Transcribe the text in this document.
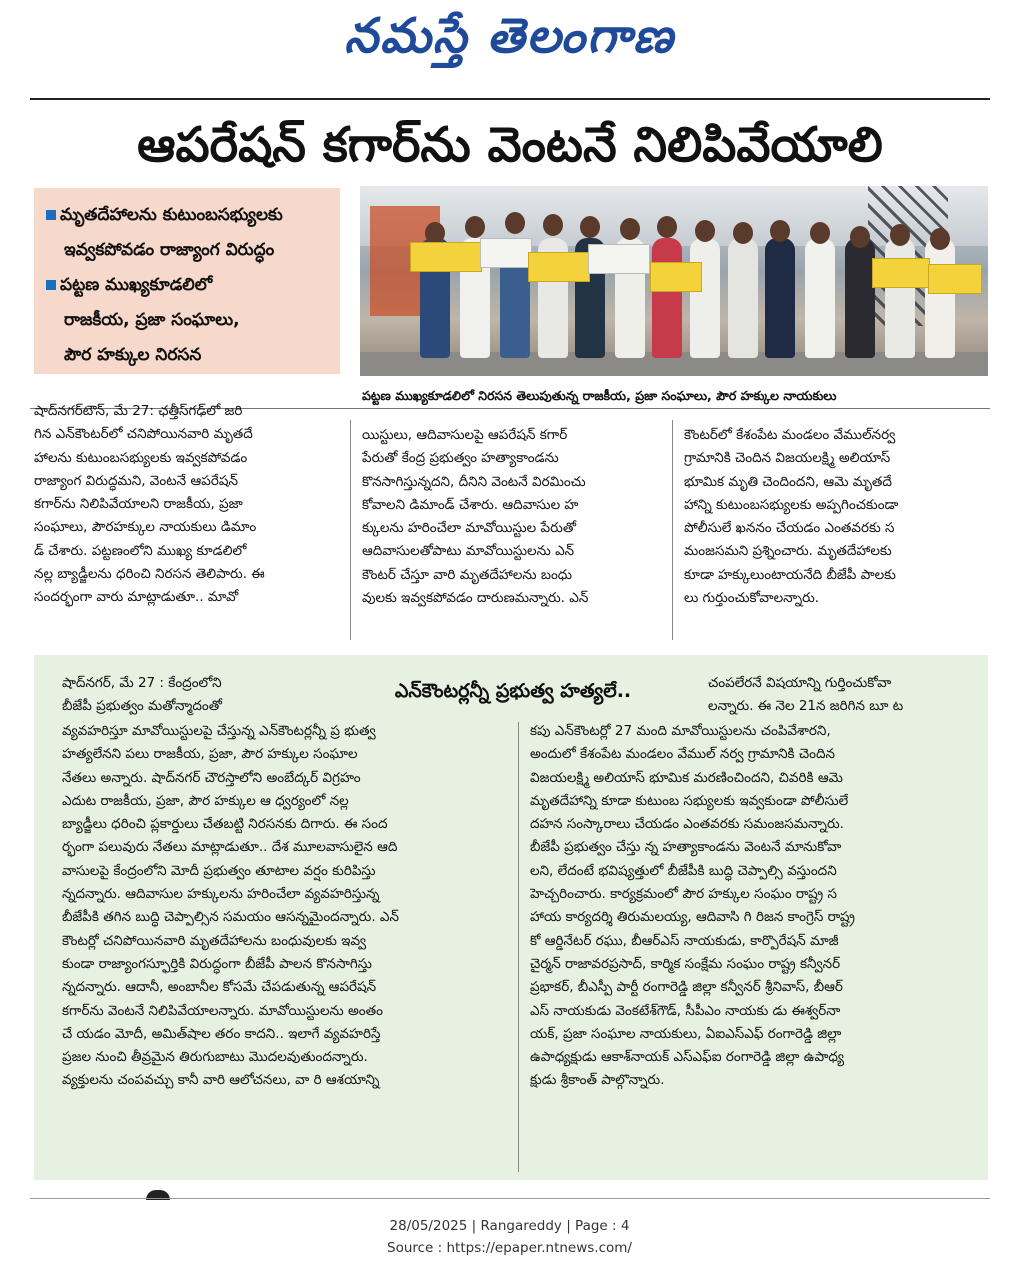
నమస్తే తెలంగాణ
ఆపరేషన్ కగార్‌ను వెంటనే నిలిపివేయాలి
మృతదేహాలను కుటుంబసభ్యులకు
ఇవ్వకపోవడం రాజ్యాంగ విరుద్ధం
పట్టణ ముఖ్యకూడలిలో
రాజకీయ, ప్రజా సంఘాలు,
పౌర హక్కుల నిరసన
పట్టణ ముఖ్యకూడలిలో నిరసన తెలుపుతున్న రాజకీయ, ప్రజా సంఘాలు, పౌర హక్కుల నాయకులు
షాద్‌నగర్‌టౌన్, మే 27: ఛత్తీస్‌గఢ్‌లో జరి
గిన ఎన్‌కౌంటర్‌లో చనిపోయినవారి మృతదే
హాలను కుటుంబసభ్యులకు ఇవ్వకపోవడం
రాజ్యాంగ విరుద్ధమని, వెంటనే ఆపరేషన్
కగార్‌ను నిలిపివేయాలని రాజకీయ, ప్రజా
సంఘాలు, పౌరహక్కుల నాయకులు డిమాం
డ్ చేశారు. పట్టణంలోని ముఖ్య కూడలిలో
నల్ల బ్యాడ్జీలను ధరించి నిరసన తెలిపారు. ఈ
సందర్భంగా వారు మాట్లాడుతూ.. మావో
యిస్టులు, ఆదివాసులపై ఆపరేషన్ కగార్
పేరుతో కేంద్ర ప్రభుత్వం హత్యాకాండను
కొనసాగిస్తున్నదని, దీనిని వెంటనే విరమించు
కోవాలని డిమాండ్ చేశారు. ఆదివాసుల హ
క్కులను హరించేలా మావోయిస్టుల పేరుతో
ఆదివాసులతోపాటు మావోయిస్టులను ఎన్
కౌంటర్ చేస్తూ వారి మృతదేహాలను బంధు
వులకు ఇవ్వకపోవడం దారుణమన్నారు. ఎన్
కౌంటర్‌లో కేశంపేట మండలం వేముల్‌నర్వ
గ్రామానికి చెందిన విజయలక్ష్మి అలియాస్
భూమిక మృతి చెందిందని, ఆమె మృతదే
హాన్ని కుటుంబసభ్యులకు అప్పగించకుండా
పోలీసులే ఖననం చేయడం ఎంతవరకు స
మంజసమని ప్రశ్నించారు. మృతదేహాలకు
కూడా హక్కులుంటాయనేది బీజేపీ పాలకు
లు గుర్తుంచుకోవాలన్నారు.
షాద్‌నగర్, మే 27 : కేంద్రంలోని
బీజేపీ ప్రభుత్వం మతోన్మాదంతో
ఎన్‌కౌంటర్లన్నీ ప్రభుత్వ హత్యలే..	చంపలేరనే విషయాన్ని గుర్తించుకోవా
లన్నారు. ఈ నెల 21న జరిగిన బూ ట
వ్యవహరిస్తూ మావోయిస్టులపై చేస్తున్న ఎన్‌కౌంటర్లన్నీ ప్ర భుత్వ
హత్యలేనని పలు రాజకీయ, ప్రజా, పౌర హక్కుల సంఘాల
నేతలు అన్నారు. షాద్‌నగర్ చౌరస్తాలోని అంబేద్కర్ విగ్రహం
ఎదుట రాజకీయ, ప్రజా, పౌర హక్కుల ఆ ధ్వర్యంలో నల్ల
బ్యాడ్జీలు ధరించి ప్లకార్డులు చేతబట్టి నిరసనకు దిగారు. ఈ సంద
ర్భంగా పలువురు నేతలు మాట్లాడుతూ.. దేశ మూలవాసులైన ఆది
వాసులపై కేంద్రంలోని మోదీ ప్రభుత్వం తూటాల వర్షం కురిపిస్తు
న్నదన్నారు. ఆదివాసుల హక్కులను హరించేలా వ్యవహరిస్తున్న
బీజేపీకి తగిన బుద్ధి చెప్పాల్సిన సమయం ఆసన్నమైందన్నారు. ఎన్
కౌంటర్లో చనిపోయినవారి మృతదేహాలను బంధువులకు ఇవ్వ
కుండా రాజ్యాంగస్ఫూర్తికి విరుద్ధంగా బీజేపీ పాలన కొనసాగిస్తు
న్నదన్నారు. ఆదానీ, అంబానీల కోసమే చేపడుతున్న ఆపరేషన్
కగార్‌ను వెంటనే నిలిపివేయాలన్నారు. మావోయిస్టులను అంతం
చే యడం మోదీ, అమిత్‌షాల తరం కాదని.. ఇలాగే వ్యవహరిస్తే
ప్రజల నుంచి తీవ్రమైన తిరుగుబాటు మొదలవుతుందన్నారు.
వ్యక్తులను చంపవచ్చు కానీ వారి ఆలోచనలు, వా రి ఆశయాన్ని
కపు ఎన్‌కౌంటర్లో 27 మంది మావోయిస్టులను చంపివేశారని,
అందులో కేశంపేట మండలం వేముల్ నర్వ గ్రామానికి చెందిన
విజయలక్ష్మి అలియాస్ భూమిక మరణించిందని, చివరికి ఆమె
మృతదేహాన్ని కూడా కుటుంబ సభ్యులకు ఇవ్వకుండా పోలీసులే
దహన సంస్కారాలు చేయడం ఎంతవరకు సమంజసమన్నారు.
బీజేపీ ప్రభుత్వం చేస్తు న్న హత్యాకాండను వెంటనే మానుకోవా
లని, లేదంటే భవిష్యత్తులో బీజేపీకి బుద్ధి చెప్పాల్సి వస్తుందని
హెచ్చరించారు. కార్యక్రమంలో పౌర హక్కుల సంఘం రాష్ట్ర స
హాయ కార్యదర్శి తిరుమలయ్య, ఆదివాసి గి రిజన కాంగ్రెస్ రాష్ట్ర
కో ఆర్డినేటర్ రఘు, బీఆర్‌ఎస్ నాయకుడు, కార్పొరేషన్ మాజీ
చైర్మన్ రాజావరప్రసాద్, కార్మిక సంక్షేమ సంఘం రాష్ట్ర కన్వీనర్
ప్రభాకర్, బీఎస్పీ పార్టీ రంగారెడ్డి జిల్లా కన్వీనర్ శ్రీనివాస్, బీఆర్
ఎస్ నాయకుడు వెంకటేశ్‌గౌడ్, సీపీఎం నాయకు డు ఈశ్వర్‌నా
యక్, ప్రజా సంఘాల నాయకులు, ఏఐఎస్‌ఎఫ్ రంగారెడ్డి జిల్లా
ఉపాధ్యక్షుడు ఆకాశ్‌నాయక్ ఎస్‌ఎఫ్‌ఐ రంగారెడ్డి జిల్లా ఉపాధ్య
క్షుడు శ్రీకాంత్ పాల్గొన్నారు.
28/05/2025 | Rangareddy | Page : 4
Source : https://epaper.ntnews.com/
